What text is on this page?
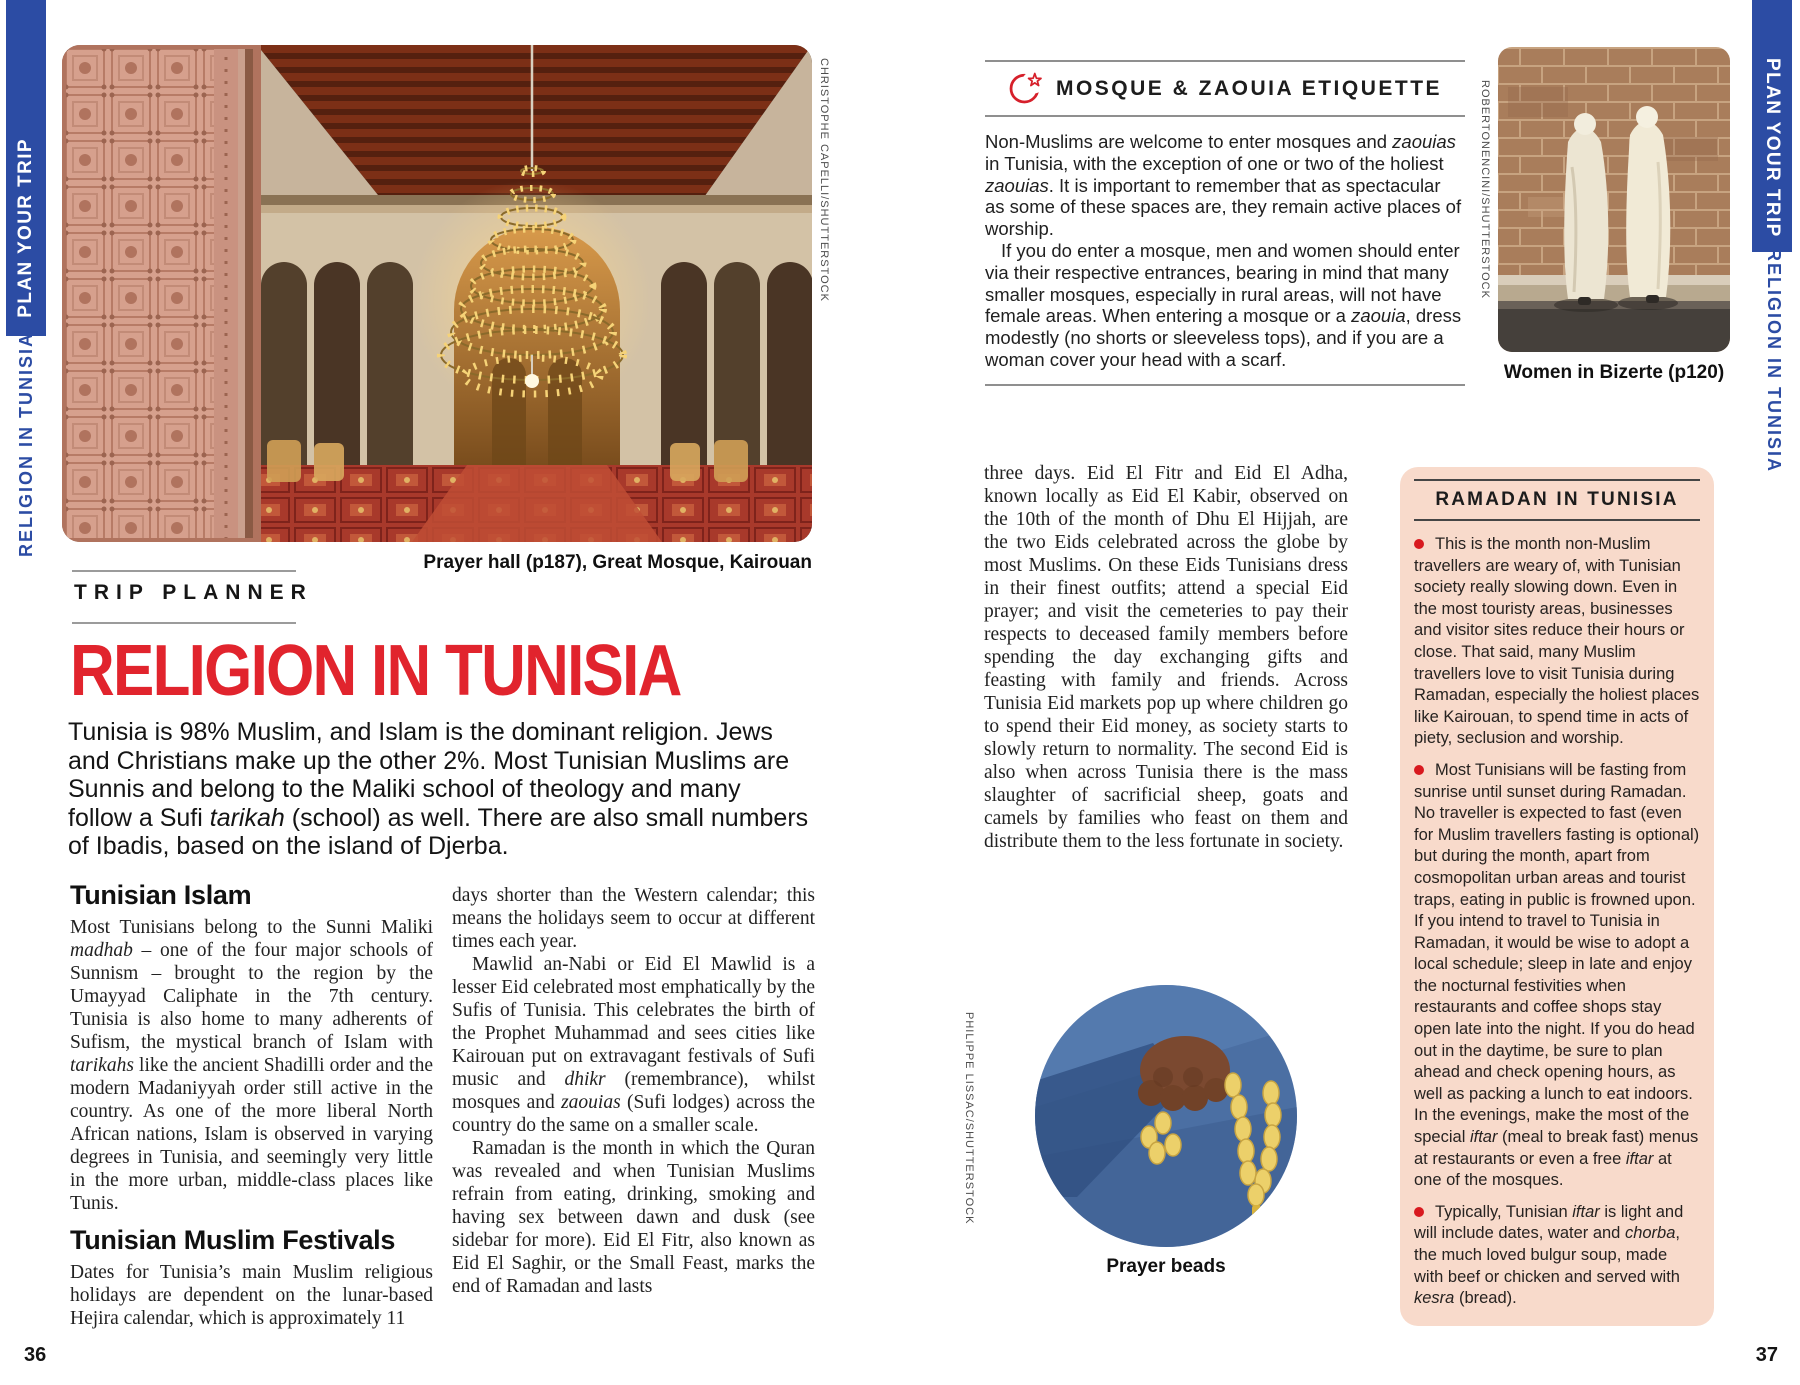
PLAN YOUR TRIP
RELIGION IN TUNISIA
PLAN YOUR TRIP
RELIGION IN TUNISIA
CHRISTOPHE CAPELLI/SHUTTERSTOCK
Prayer hall (p187), Great Mosque, Kairouan
TRIP PLANNER
RELIGION IN TUNISIA

Tunisia is 98% Muslim, and Islam is the dominant religion. Jews and Christians make up the other 2%. Most Tunisian Muslims are Sunnis and belong to the Maliki school of theology and many follow a Sufi tarikah (school) as well. There are also small numbers of Ibadis, based on the island of Djerba.

Tunisian Islam

Most Tunisians belong to the Sunni Maliki madhab – one of the four major schools of Sunnism – brought to the region by the Umayyad Caliphate in the 7th century. Tunisia is also home to many adherents of Sufism, the mystical branch of Islam with tarikahs like the ancient Shadilli order and the modern Madaniyyah order still active in the country. As one of the more liberal North African nations, Islam is observed in varying degrees in Tunisia, and seemingly very little in the more urban, middle-class places like Tunis.

Tunisian Muslim Festivals

Dates for Tunisia’s main Muslim religious holidays are dependent on the lunar-based Hejira calendar, which is approximately 11

days shorter than the Western calendar; this means the holidays seem to occur at different times each year.

Mawlid an-Nabi or Eid El Mawlid is a lesser Eid celebrated most emphatically by the Sufis of Tunisia. This celebrates the birth of the Prophet Muhammad and sees cities like Kairouan put on extravagant festivals of Sufi music and dhikr (remembrance), whilst mosques and zaouias (Sufi lodges) across the country do the same on a smaller scale.

Ramadan is the month in which the Quran was revealed and when Tunisian Muslims refrain from eating, drinking, smoking and having sex between dawn and dusk (see sidebar for more). Eid El Fitr, also known as Eid El Saghir, or the Small Feast, marks the end of Ramadan and lasts

36
MOSQUE & ZAOUIA ETIQUETTE

Non-Muslims are welcome to enter mosques and zaouias in Tunisia, with the exception of one or two of the holiest zaouias. It is important to remember that as spectacular as some of these spaces are, they remain active places of worship.

If you do enter a mosque, men and women should enter via their respective entrances, bearing in mind that many smaller mosques, especially in rural areas, will not have female areas. When entering a mosque or a zaouia, dress modestly (no shorts or sleeveless tops), and if you are a woman cover your head with a scarf.

ROBERTONENCINI/SHUTTERSTOCK
Women in Bizerte (p120)

three days. Eid El Fitr and Eid El Adha, known locally as Eid El Kabir, observed on the 10th of the month of Dhu El Hijjah, are the two Eids celebrated across the globe by most Muslims. On these Eids Tunisians dress in their finest outfits; attend a special Eid prayer; and visit the cemeteries to pay their respects to deceased family members before spending the day exchanging gifts and feasting with family and friends. Across Tunisia Eid markets pop up where children go to spend their Eid money, as society starts to slowly return to normality. The second Eid is also when across Tunisia there is the mass slaughter of sacrificial sheep, goats and camels by families who feast on them and distribute them to the less fortunate in society.

PHILIPPE LISSAC/SHUTTERSTOCK
Prayer beads
RAMADAN IN TUNISIA

This is the month non-Muslim travellers are weary of, with Tunisian society really slowing down. Even in the most touristy areas, businesses and visitor sites reduce their hours or close. That said, many Muslim travellers love to visit Tunisia during Ramadan, especially the holiest places like Kairouan, to spend time in acts of piety, seclusion and worship.

Most Tunisians will be fasting from sunrise until sunset during Ramadan. No traveller is expected to fast (even for Muslim travellers fasting is optional) but during the month, apart from cosmopolitan urban areas and tourist traps, eating in public is frowned upon. If you intend to travel to Tunisia in Ramadan, it would be wise to adopt a local schedule; sleep in late and enjoy the nocturnal festivities when restaurants and coffee shops stay open late into the night. If you do head out in the daytime, be sure to plan ahead and check opening hours, as well as packing a lunch to eat indoors. In the evenings, make the most of the special iftar (meal to break fast) menus at restaurants or even a free iftar at one of the mosques.

Typically, Tunisian iftar is light and will include dates, water and chorba, the much loved bulgur soup, made with beef or chicken and served with kesra (bread).

37
